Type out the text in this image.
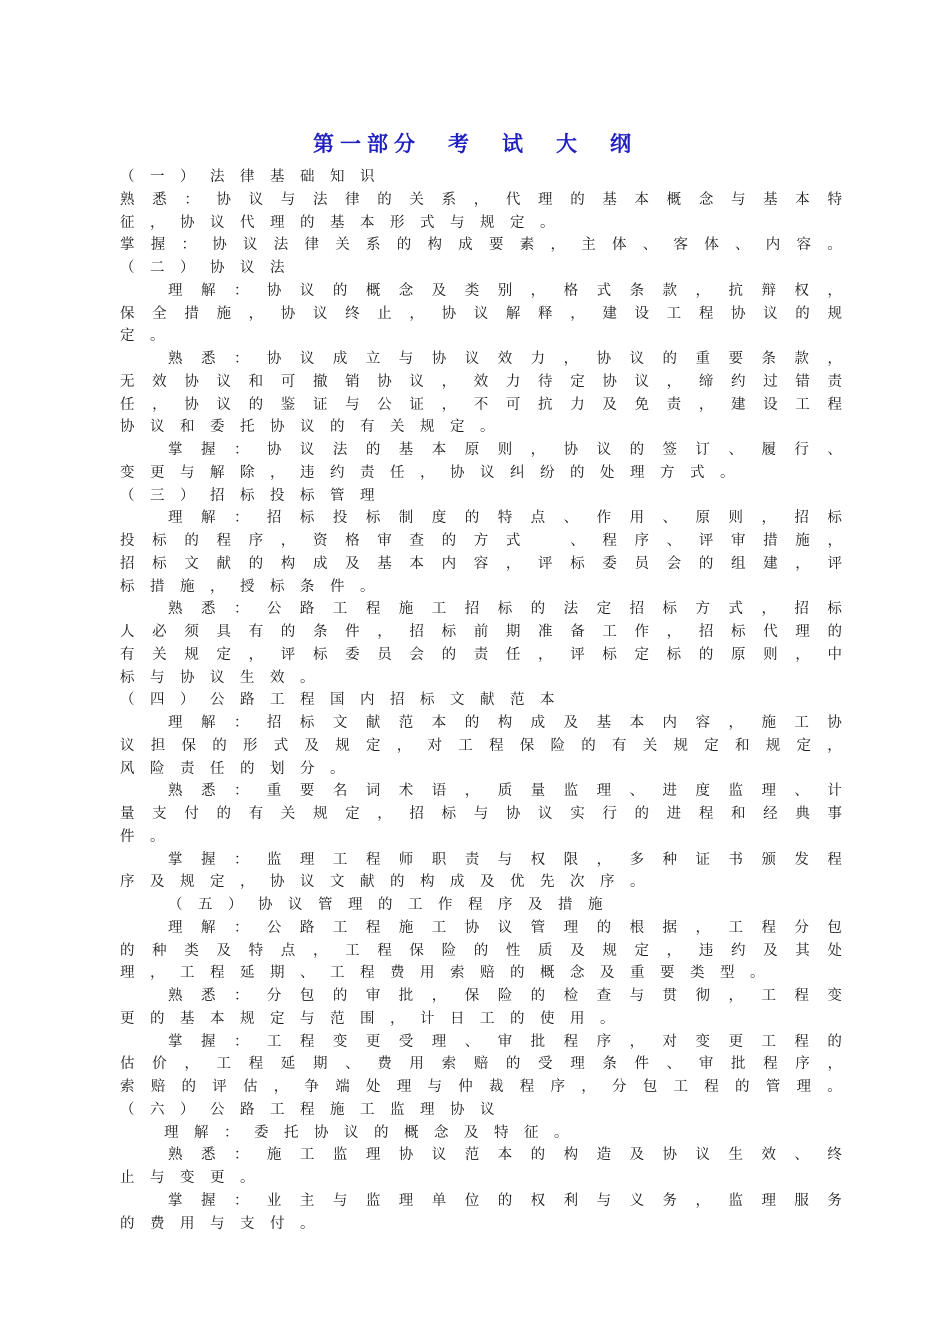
第一部分　考　试　大　纲
（ 一 ） 法 律 基 础 知 识
熟 悉 ： 协 议 与 法 律 的 关 系 ， 代 理 的 基 本 概 念 与 基 本 特
征 ， 协 议 代 理 的 基 本 形 式 与 规 定 。
掌 握 ： 协 议 法 律 关 系 的 构 成 要 素 ， 主 体 、 客 体 、 内 容 。
（ 二 ） 协 议 法
理 解 ： 协 议 的 概 念 及 类 别 ， 格 式 条 款 ， 抗 辩 权 ，
保 全 措 施 ， 协 议 终 止 ， 协 议 解 释 ， 建 设 工 程 协 议 的 规
定 。
熟 悉 ： 协 议 成 立 与 协 议 效 力 ， 协 议 的 重 要 条 款 ，
无 效 协 议 和 可 撤 销 协 议 ， 效 力 待 定 协 议 ， 缔 约 过 错 责
任 ， 协 议 的 鉴 证 与 公 证 ， 不 可 抗 力 及 免 责 ， 建 设 工 程
协 议 和 委 托 协 议 的 有 关 规 定 。
掌 握 ： 协 议 法 的 基 本 原 则 ， 协 议 的 签 订 、 履 行 、
变 更 与 解 除 ， 违 约 责 任 ， 协 议 纠 纷 的 处 理 方 式 。
（ 三 ） 招 标 投 标 管 理
理 解 ： 招 标 投 标 制 度 的 特 点 、 作 用 、 原 则 ， 招 标
投 标 的 程 序 ， 资 格 审 查 的 方 式
　	、 程 序 、 评 审 措 施 ，
招 标 文 献 的 构 成 及 基 本 内 容 ， 评 标 委 员 会 的 组 建 ， 评
标 措 施 ， 授 标 条 件 。
熟 悉 ： 公 路 工 程 施 工 招 标 的 法 定 招 标 方 式 ， 招 标
人 必 须 具 有 的 条 件 ， 招 标 前 期 准 备 工 作 ， 招 标 代 理 的
有 关 规 定 ， 评 标 委 员 会 的 责 任 ， 评 标 定 标 的 原 则 ， 中
标 与 协 议 生 效 。
（ 四 ） 公 路 工 程 国 内 招 标 文 献 范 本
理 解 ： 招 标 文 献 范 本 的 构 成 及 基 本 内 容 ， 施 工 协
议 担 保 的 形 式 及 规 定 ， 对 工 程 保 险 的 有 关 规 定 和 规 定 ，
风 险 责 任 的 划 分 。
熟 悉 ： 重 要 名 词 术 语 ， 质 量 监 理 、 进 度 监 理 、 计
量 支 付 的 有 关 规 定 ， 招 标 与 协 议 实 行 的 进 程 和 经 典 事
件 。
掌 握 ： 监 理 工 程 师 职 责 与 权 限 ， 多 种 证 书 颁 发 程
序 及 规 定 ， 协 议 文 献 的 构 成 及 优 先 次 序 。
（ 五 ） 协 议 管 理 的 工 作 程 序 及 措 施
理 解 ： 公 路 工 程 施 工 协 议 管 理 的 根 据 ， 工 程 分 包
的 种 类 及 特 点 ， 工 程 保 险 的 性 质 及 规 定 ， 违 约 及 其 处
理 ， 工 程 延 期 、 工 程 费 用 索 赔 的 概 念 及 重 要 类 型 。
熟 悉 ： 分 包 的 审 批 ， 保 险 的 检 查 与 贯 彻 ， 工 程 变
更 的 基 本 规 定 与 范 围 ， 计 日 工 的 使 用 。
掌 握 ： 工 程 变 更 受 理 、 审 批 程 序 ， 对 变 更 工 程 的
估 价 ， 工 程 延 期 、 费 用 索 赔 的 受 理 条 件 、 审 批 程 序 ，
索 赔 的 评 估 ， 争 端 处 理 与 仲 裁 程 序 ， 分 包 工 程 的 管 理 。
（ 六 ） 公 路 工 程 施 工 监 理 协 议
理 解 ： 委 托 协 议 的 概 念 及 特 征 。
熟 悉 ： 施 工 监 理 协 议 范 本 的 构 造 及 协 议 生 效 、 终
止 与 变 更 。
掌 握 ： 业 主 与 监 理 单 位 的 权 利 与 义 务 ， 监 理 服 务
的 费 用 与 支 付 。
